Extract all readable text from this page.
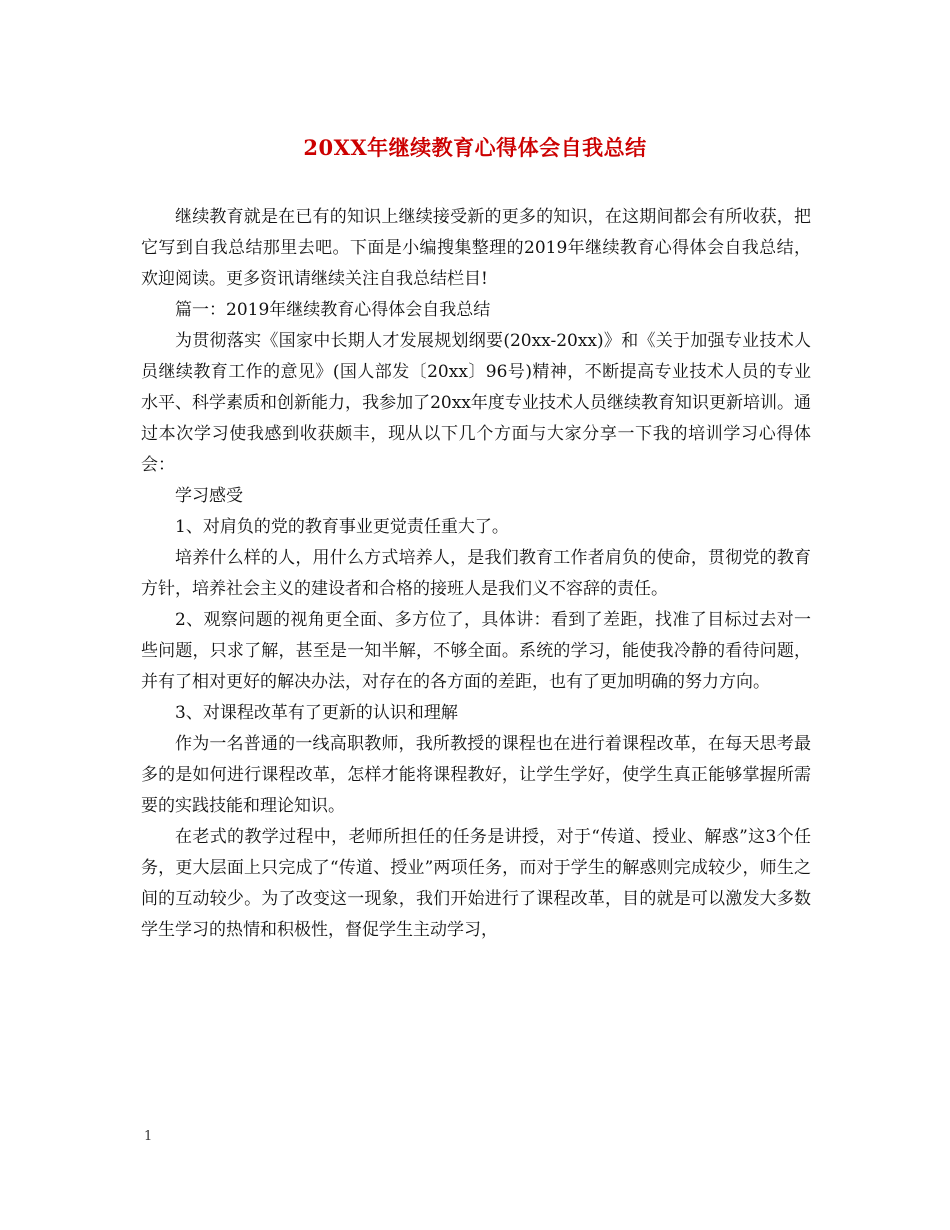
20XX年继续教育心得体会自我总结

继续教育就是在已有的知识上继续接受新的更多的知识，在这期间都会有所收获，把它写到自我总结那里去吧。下面是小编搜集整理的2019年继续教育心得体会自我总结，欢迎阅读。更多资讯请继续关注自我总结栏目!

篇一：2019年继续教育心得体会自我总结

为贯彻落实《国家中长期人才发展规划纲要(20xx-20xx)》和《关于加强专业技术人员继续教育工作的意见》(国人部发〔20xx〕96号)精神，不断提高专业技术人员的专业水平、科学素质和创新能力，我参加了20xx年度专业技术人员继续教育知识更新培训。通过本次学习使我感到收获颇丰，现从以下几个方面与大家分享一下我的培训学习心得体会：

学习感受

1、对肩负的党的教育事业更觉责任重大了。

培养什么样的人，用什么方式培养人，是我们教育工作者肩负的使命，贯彻党的教育方针，培养社会主义的建设者和合格的接班人是我们义不容辞的责任。

2、观察问题的视角更全面、多方位了，具体讲：看到了差距，找准了目标过去对一些问题，只求了解，甚至是一知半解，不够全面。系统的学习，能使我冷静的看待问题，并有了相对更好的解决办法，对存在的各方面的差距，也有了更加明确的努力方向。

3、对课程改革有了更新的认识和理解

作为一名普通的一线高职教师，我所教授的课程也在进行着课程改革，在每天思考最多的是如何进行课程改革，怎样才能将课程教好，让学生学好，使学生真正能够掌握所需要的实践技能和理论知识。

在老式的教学过程中，老师所担任的任务是讲授，对于“传道、授业、解惑”这3个任务，更大层面上只完成了“传道、授业”两项任务，而对于学生的解惑则完成较少，师生之间的互动较少。为了改变这一现象，我们开始进行了课程改革，目的就是可以激发大多数学生学习的热情和积极性，督促学生主动学习，

1
